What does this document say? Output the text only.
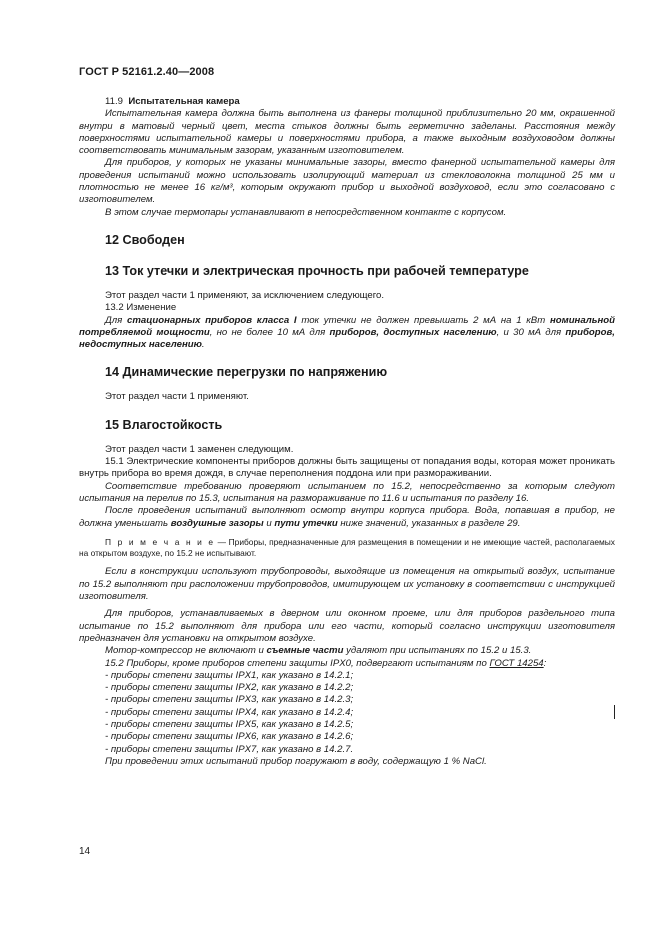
ГОСТ Р 52161.2.40—2008

11.9 Испытательная камера

Испытательная камера должна быть выполнена из фанеры толщиной приблизительно 20 мм, окрашенной внутри в матовый черный цвет, места стыков должны быть герметично заделаны. Расстояния между поверхностями испытательной камеры и поверхностями прибора, а также выходным воздуховодом должны соответствовать минимальным зазорам, указанным изготовителем.

Для приборов, у которых не указаны минимальные зазоры, вместо фанерной испытательной камеры для проведения испытаний можно использовать изолирующий материал из стекловолокна толщиной 25 мм и плотностью не менее 16 кг/м³, которым окружают прибор и выходной воздуховод, если это согласовано с изготовителем.

В этом случае термопары устанавливают в непосредственном контакте с корпусом.

12 Свободен

13 Ток утечки и электрическая прочность при рабочей температуре

Этот раздел части 1 применяют, за исключением следующего.

13.2 Изменение

Для стационарных приборов класса I ток утечки не должен превышать 2 мА на 1 кВт номинальной потребляемой мощности, но не более 10 мА для приборов, доступных населению, и 30 мА для приборов, недоступных населению.

14 Динамические перегрузки по напряжению

Этот раздел части 1 применяют.

15 Влагостойкость

Этот раздел части 1 заменен следующим.

15.1 Электрические компоненты приборов должны быть защищены от попадания воды, которая может проникать внутрь прибора во время дождя, в случае переполнения поддона или при размораживании.

Соответствие требованию проверяют испытанием по 15.2, непосредственно за которым следуют испытания на перелив по 15.3, испытания на размораживание по 11.6 и испытания по разделу 16.

После проведения испытаний выполняют осмотр внутри корпуса прибора. Вода, попавшая в прибор, не должна уменьшать воздушные зазоры и пути утечки ниже значений, указанных в разделе 29.

П р и м е ч а н и е — Приборы, предназначенные для размещения в помещении и не имеющие частей, располагаемых на открытом воздухе, по 15.2 не испытывают.

Если в конструкции используют трубопроводы, выходящие из помещения на открытый воздух, испытание по 15.2 выполняют при расположении трубопроводов, имитирующем их установку в соответствии с инструкцией изготовителя.

Для приборов, устанавливаемых в дверном или оконном проеме, или для приборов раздельного типа испытание по 15.2 выполняют для прибора или его части, который согласно инструкции изготовителя предназначен для установки на открытом воздухе.

Мотор-компрессор не включают и съемные части удаляют при испытаниях по 15.2 и 15.3.

15.2 Приборы, кроме приборов степени защиты IPX0, подвергают испытаниям по ГОСТ 14254:

- приборы степени защиты IPX1, как указано в 14.2.1;

- приборы степени защиты IPX2, как указано в 14.2.2;

- приборы степени защиты IPX3, как указано в 14.2.3;

- приборы степени защиты IPX4, как указано в 14.2.4;

- приборы степени защиты IPX5, как указано в 14.2.5;

- приборы степени защиты IPX6, как указано в 14.2.6;

- приборы степени защиты IPX7, как указано в 14.2.7.

При проведении этих испытаний прибор погружают в воду, содержащую 1 % NaCl.

14
